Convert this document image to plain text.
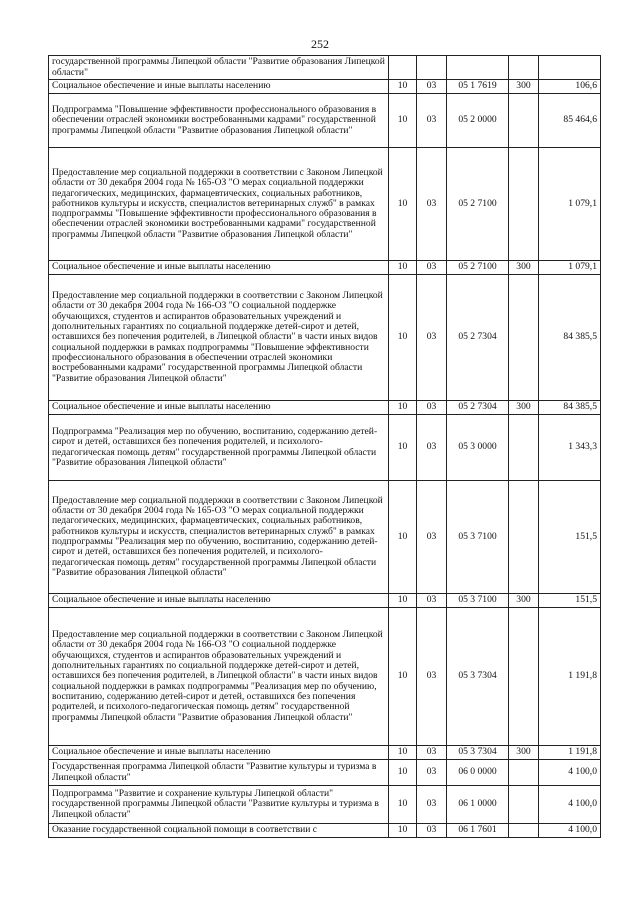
252
государственной программы Липецкой области "Развитие образования Липецкой области"					
Социальное обеспечение и иные выплаты населению	10	03	05 1 7619	300	106,6
Подпрограмма "Повышение эффективности профессионального образования в обеспечении отраслей экономики востребованными кадрами" государственной программы Липецкой области "Развитие образования Липецкой области"	10	03	05 2 0000		85 464,6
Предоставление мер социальной поддержки в соответствии с Законом Липецкой области от 30 декабря 2004 года № 165-ОЗ "О мерах социальной поддержки педагогических, медицинских, фармацевтических, социальных работников, работников культуры и искусств, специалистов ветеринарных служб" в рамках подпрограммы "Повышение эффективности профессионального образования в обеспечении отраслей экономики востребованными кадрами" государственной программы Липецкой области "Развитие образования Липецкой области"	10	03	05 2 7100		1 079,1
Социальное обеспечение и иные выплаты населению	10	03	05 2 7100	300	1 079,1
Предоставление мер социальной поддержки в соответствии с Законом Липецкой области от 30 декабря 2004 года № 166-ОЗ "О социальной поддержке обучающихся, студентов и аспирантов образовательных учреждений и дополнительных гарантиях по социальной поддержке детей-сирот и детей, оставшихся без попечения родителей, в Липецкой области" в части иных видов социальной поддержки в рамках подпрограммы "Повышение эффективности профессионального образования в обеспечении отраслей экономики востребованными кадрами" государственной программы Липецкой области "Развитие образования Липецкой области"	10	03	05 2 7304		84 385,5
Социальное обеспечение и иные выплаты населению	10	03	05 2 7304	300	84 385,5
Подпрограмма "Реализация мер по обучению, воспитанию, содержанию детей-сирот и детей, оставшихся без попечения родителей, и психолого-педагогическая помощь детям" государственной программы Липецкой области "Развитие образования Липецкой области"	10	03	05 3 0000		1 343,3
Предоставление мер социальной поддержки в соответствии с Законом Липецкой области от 30 декабря 2004 года № 165-ОЗ "О мерах социальной поддержки педагогических, медицинских, фармацевтических, социальных работников, работников культуры и искусств, специалистов ветеринарных служб" в рамках подпрограммы "Реализация мер по обучению, воспитанию, содержанию детей-сирот и детей, оставшихся без попечения родителей, и психолого-педагогическая помощь детям" государственной программы Липецкой области "Развитие образования Липецкой области"	10	03	05 3 7100		151,5
Социальное обеспечение и иные выплаты населению	10	03	05 3 7100	300	151,5
Предоставление мер социальной поддержки в соответствии с Законом Липецкой области от 30 декабря 2004 года № 166-ОЗ "О социальной поддержке обучающихся, студентов и аспирантов образовательных учреждений и дополнительных гарантиях по социальной поддержке детей-сирот и детей, оставшихся без попечения родителей, в Липецкой области" в части иных видов социальной поддержки в рамках подпрограммы "Реализация мер по обучению, воспитанию, содержанию детей-сирот и детей, оставшихся без попечения родителей, и психолого-педагогическая помощь детям" государственной программы Липецкой области "Развитие образования Липецкой области"	10	03	05 3 7304		1 191,8
Социальное обеспечение и иные выплаты населению	10	03	05 3 7304	300	1 191,8
Государственная программа Липецкой области "Развитие культуры и туризма в Липецкой области"	10	03	06 0 0000		4 100,0
Подпрограмма "Развитие и сохранение культуры Липецкой области" государственной программы Липецкой области "Развитие культуры и туризма в Липецкой области"	10	03	06 1 0000		4 100,0
Оказание государственной социальной помощи в соответствии с	10	03	06 1 7601		4 100,0
